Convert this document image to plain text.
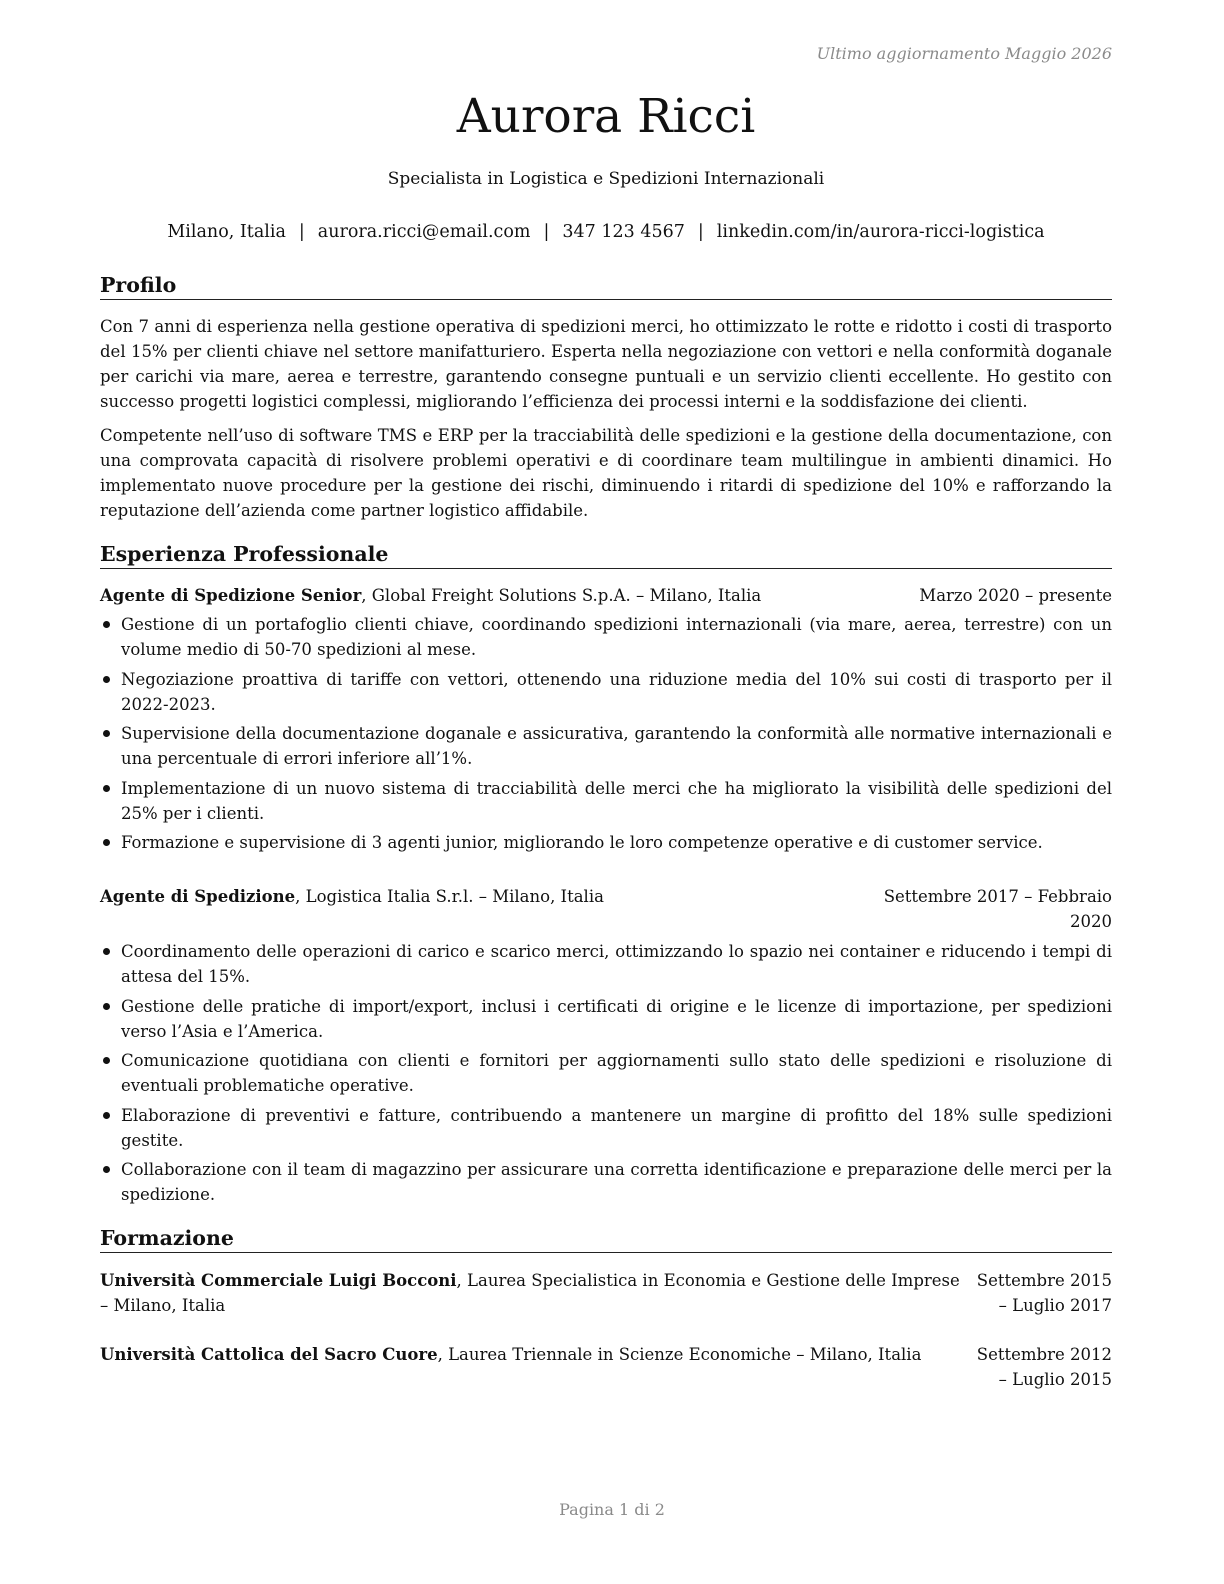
Ultimo aggiornamento Maggio 2026
Aurora Ricci
Specialista in Logistica e Spedizioni Internazionali
Milano, Italia | aurora.ricci@email.com | 347 123 4567 | linkedin.com/in/aurora-ricci-logistica
Profilo

Con 7 anni di esperienza nella gestione operativa di spedizioni merci, ho ottimizzato le rotte e ridotto i costi di trasporto del 15% per clienti chiave nel settore manifatturiero. Esperta nella negoziazione con vettori e nella conformità doganale per carichi via mare, aerea e terrestre, garantendo consegne puntuali e un servizio clienti eccellente. Ho gestito con successo progetti logistici complessi, migliorando l’efficienza dei processi interni e la soddisfazione dei clienti.

Competente nell’uso di software TMS e ERP per la tracciabilità delle spedizioni e la gestione della documentazione, con una comprovata capacità di risolvere problemi operativi e di coordinare team multilingue in ambienti dinamici. Ho implementato nuove procedure per la gestione dei rischi, diminuendo i ritardi di spedizione del 10% e rafforzando la reputazione dell’azienda come partner logistico affidabile.

Esperienza Professionale
Agente di Spedizione Senior, Global Freight Solutions S.p.A. – Milano, Italia	Marzo 2020 – presente
Gestione di un portafoglio clienti chiave, coordinando spedizioni internazionali (via mare, aerea, terrestre) con un volume medio di 50-70 spedizioni al mese.
Negoziazione proattiva di tariffe con vettori, ottenendo una riduzione media del 10% sui costi di trasporto per il 2022-2023.
Supervisione della documentazione doganale e assicurativa, garantendo la conformità alle normative internazionali e una percentuale di errori inferiore all’1%.
Implementazione di un nuovo sistema di tracciabilità delle merci che ha migliorato la visibilità delle spedizioni del 25% per i clienti.
Formazione e supervisione di 3 agenti junior, migliorando le loro competenze operative e di customer service.
Agente di Spedizione, Logistica Italia S.r.l. – Milano, Italia	Settembre 2017 – Febbraio 2020
Coordinamento delle operazioni di carico e scarico merci, ottimizzando lo spazio nei container e riducendo i tempi di attesa del 15%.
Gestione delle pratiche di import/export, inclusi i certificati di origine e le licenze di importazione, per spedizioni verso l’Asia e l’America.
Comunicazione quotidiana con clienti e fornitori per aggiornamenti sullo stato delle spedizioni e risoluzione di eventuali problematiche operative.
Elaborazione di preventivi e fatture, contribuendo a mantenere un margine di profitto del 18% sulle spedizioni gestite.
Collaborazione con il team di magazzino per assicurare una corretta identificazione e preparazione delle merci per la spedizione.
Formazione
Università Commerciale Luigi Bocconi, Laurea Specialistica in Economia e Gestione delle Imprese – Milano, Italia
Settembre 2015 – Luglio 2017
Università Cattolica del Sacro Cuore, Laurea Triennale in Scienze Economiche – Milano, Italia	Settembre 2012 – Luglio 2015
Pagina 1 di 2
